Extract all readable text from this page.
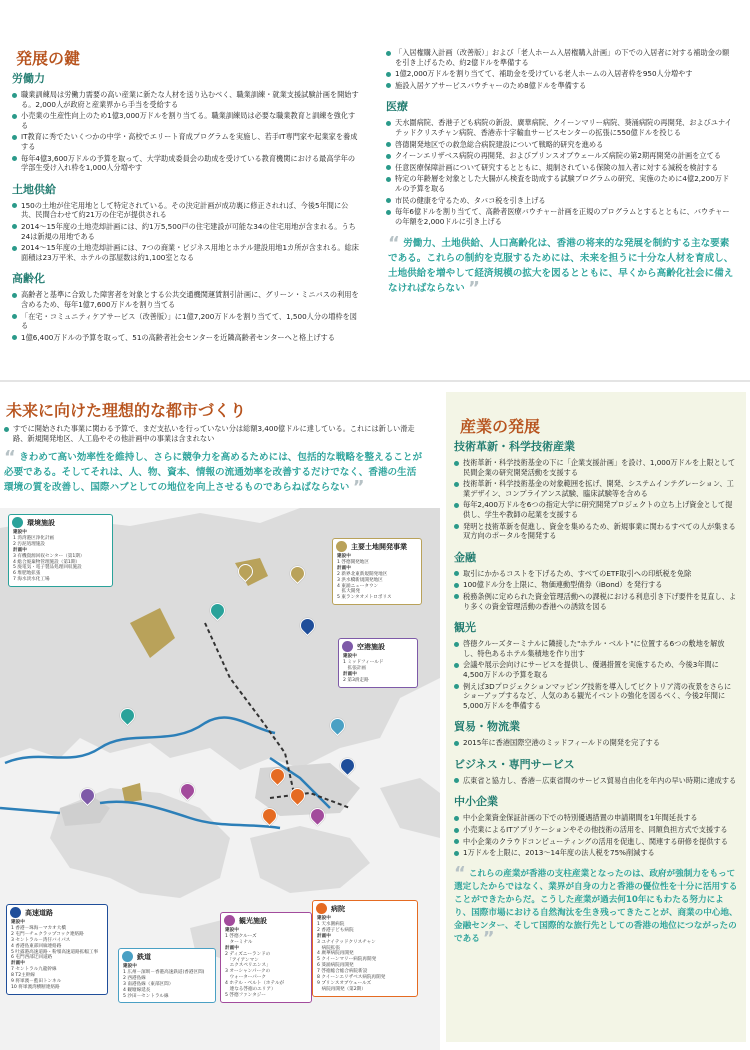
発展の鍵
労働力
職業訓練局は労働力需要の高い産業に新たな人材を送り込むべく、職業訓練・就業支援試験計画を開始する。2,000人が政府と産業界から手当を受給する
小売業の生産性向上のため1億3,000万ドルを割り当てる。職業訓練局は必要な職業教育と訓練を強化する
IT教育に秀でたいくつかの中学・高校でエリート育成プログラムを実施し、若手IT専門家や起業家を養成する
毎年4億3,600万ドルの予算を取って、大学助成委員会の助成を受けている教育機関における最高学年の学部生受け入れ枠を1,000人分増やす
土地供給
150の土地が住宅用地として特定されている。その決定計画が成功裏に修正されれば、今後5年間に公共、民間合わせて約21万の住宅が提供される
2014～15年度の土地売却計画には、約1万5,500戸の住宅建設が可能な34の住宅用地が含まれる。うち24は新規の用地である
2014～15年度の土地売却計画には、7つの商業・ビジネス用地とホテル建設用地1カ所が含まれる。総床面積は23万平米、ホテルの部屋数は約1,100室となる
高齢化
高齢者と基準に合致した障害者を対象とする公共交通機関運賃割引計画に、グリーン・ミニバスの利用を含めるため、毎年1億7,600万ドルを割り当てる
「在宅・コミュニティケアサービス（改善版）」に1億7,200万ドルを割り当てて、1,500人分の増枠を図る
1億6,400万ドルの予算を取って、51の高齢者社会センターを近隣高齢者センターへと格上げする
「入居権購入計画（改善版）」および「老人ホーム入居権購入計画」の下での入居者に対する補助金の額を引き上げるため、約2億ドルを準備する
1億2,000万ドルを割り当てて、補助金を受けている老人ホームの入居者枠を950人分増やす
施設入居ケアサービスバウチャーのため8億ドルを準備する
医療
天水圍病院、香港子ども病院の新設、廣華病院、クイーンマリー病院、葵涌病院の再開発、およびユナイテッドクリスチャン病院、香港赤十字輸血サービスセンターの拡張に550億ドルを投じる
啓德開発地区での救急総合病院建設について戦略的研究を進める
クイーンエリザベス病院の再開発、およびプリンスオブウェールズ病院の第2期再開発の計画を立てる
任意医療保障計画について研究するとともに、規制されている保険の加入者に対する減税を検討する
特定の年齢層を対象とした大腸がん検査を助成する試験プログラムの研究、実施のために4億2,200万ドルの予算を取る
市民の健康を守るため、タバコ税を引き上げる
毎年6億ドルを割り当てて、高齢者医療バウチャー計画を正規のプログラムとするとともに、バウチャーの年額を2,000ドルに引き上げる
“ 労働力、土地供給、人口高齢化は、香港の将来的な発展を制約する主な要素である。これらの制約を克服するためには、未来を担うに十分な人材を育成し、土地供給を増やして経済規模の拡大を図るとともに、早くから高齢化社会に備えなければならない ”
未来に向けた理想的な都市づくり
すでに開始された事業に関わる予算で、まだ支払いを行っていない分は総額3,400億ドルに達している。これには新しい滑走路、新規開発地区、人工島やその他計画中の事業は含まれない
“ きわめて高い効率性を維持し、さらに競争力を高めるためには、包括的な戦略を整えることが必要である。そしてそれは、人、物、資本、情報の流通効率を改善するだけでなく、香港の生活環境の質を改善し、国際ハブとしての地位を向上させるものであらねばならない ”
環境施設
建設中
1 湾湾港区浄化計画
2 汚泥処理施設
計画中
3 有機資源回収センター（第1期）
4 総合廃棄物管理施設（第1期）
5 廃電気・電子製品処理回収施設
6 堆肥地拡張
7 海水淡水化工場
主要土地開発事業
建設中
1 啓德開発地区
計画中
2 新界北東新規開発地区
3 洪水橋新規開発地区
4 東涌ニュータウン
　拡大開発
5 東ランタオメトロポリス
空港施設
建設中
1 ミッドフィールド
　拡張計画
計画中
2 第3滑走路
高速道路
建設中
1 香港－珠海－マカオ大橋
2 屯門－チェクラップコック連絡路
3 セントラル－湾仔バイパス
4 香港島東部回廊連絡路
5 吐露港高速道路・粉嶺高速道路拡幅工事
6 屯門西部迂回道路
計画中
7 セントラル九龍幹線
8 T2主幹線
9 将軍澳－藍田トンネル
10 将軍澳湾横断連絡路
鉄道
建設中
1 広州－深圳－香港高速鉄道(香港区間)
2 西港島線
3 南港島線（東部区間）
4 観塘線延長
5 沙田－セントラル線
観光施設
建設中
1 啓德クルーズ
　ターミナル
計画中
2 ディズニーランドの
　「アイアンマン
　エクスペリエンス」
3 オーシャンパークの
　ウォーターパーク
4 ホテル・ベルト（ホテルが
　連なる啓徳のエリア）
5 啓德ファンタジー
病院
建設中
1 天水圍病院
2 香港子ども病院
計画中
3 ユナイテッドクリスチャン
　病院拡張
4 廣華病院再開発
5 クイーンマリー病院再開発
6 葵涌病院再開発
7 啓徳総合総合病院新設
8 クイーンエリザベス病院再開発
9 プリンスオブウェールズ
　病院再開発（第2期）
産業の発展
技術革新・科学技術産業
技術革新・科学技術基金の下に「企業支援計画」を設け、1,000万ドルを上限として民間企業の研究開発活動を支援する
技術革新・科学技術基金の対象範囲を拡げ、開発、システムインテグレーション、工業デザイン、コンプライアンス試験、臨床試験等を含める
毎年2,400万ドルを6つの指定大学に研究開発プロジェクトの立ち上げ資金として提供し、学生や教師の起業を支援する
発明と技術革新を促進し、資金を集めるため、新規事業に関わるすべての人が集まる双方向のポータルを開発する
金融
取引にかかるコストを下げるため、すべてのETF取引への印紙税を免除
100億ドル分を上限に、物価連動型債券（iBond）を発行する
税務条例に定められた資金管理活動への課税における利息引き下げ要件を見直し、より多くの資金管理活動の香港への誘致を図る
観光
啓徳クルーズターミナルに隣接した"ホテル・ベルト"に位置する6つの敷地を解放し、特色あるホテル集積地を作り出す
会議や展示会向けにサービスを提供し、優遇措置を実施するため、今後3年間に4,500万ドルの予算を取る
例えば3Dプロジェクションマッピング技術を導入してビクトリア湾の夜景をさらにショーアップするなど、人気のある観光イベントの強化を図るべく、今後2年間に5,000万ドルを準備する
貿易・物流業
2015年に香港国際空港のミッドフィールドの開発を完了する
ビジネス・専門サービス
広東省と協力し、香港－広東省間のサービス貿易自由化を年内の早い時期に達成する
中小企業
中小企業資金保証計画の下での特別優遇措置の申請期間を1年間延長する
小売業によるITアプリケーションやその他技術の活用を、同額負担方式で支援する
中小企業のクラウドコンピューティングの活用を促進し、関連する研修を提供する
1万ドルを上限に、2013～14年度の法人税を75%削減する
“ これらの産業が香港の支柱産業となったのは、政府が強制力をもって選定したからではなく、業界が自身の力と香港の優位性を十分に活用することができたからだ。こうした産業が過去何10年にもわたる努力により、国際市場における自然淘汰を生き残ってきたことが、商業の中心地、金融センター、そして国際的な旅行先としての香港の地位につながったのである ”
